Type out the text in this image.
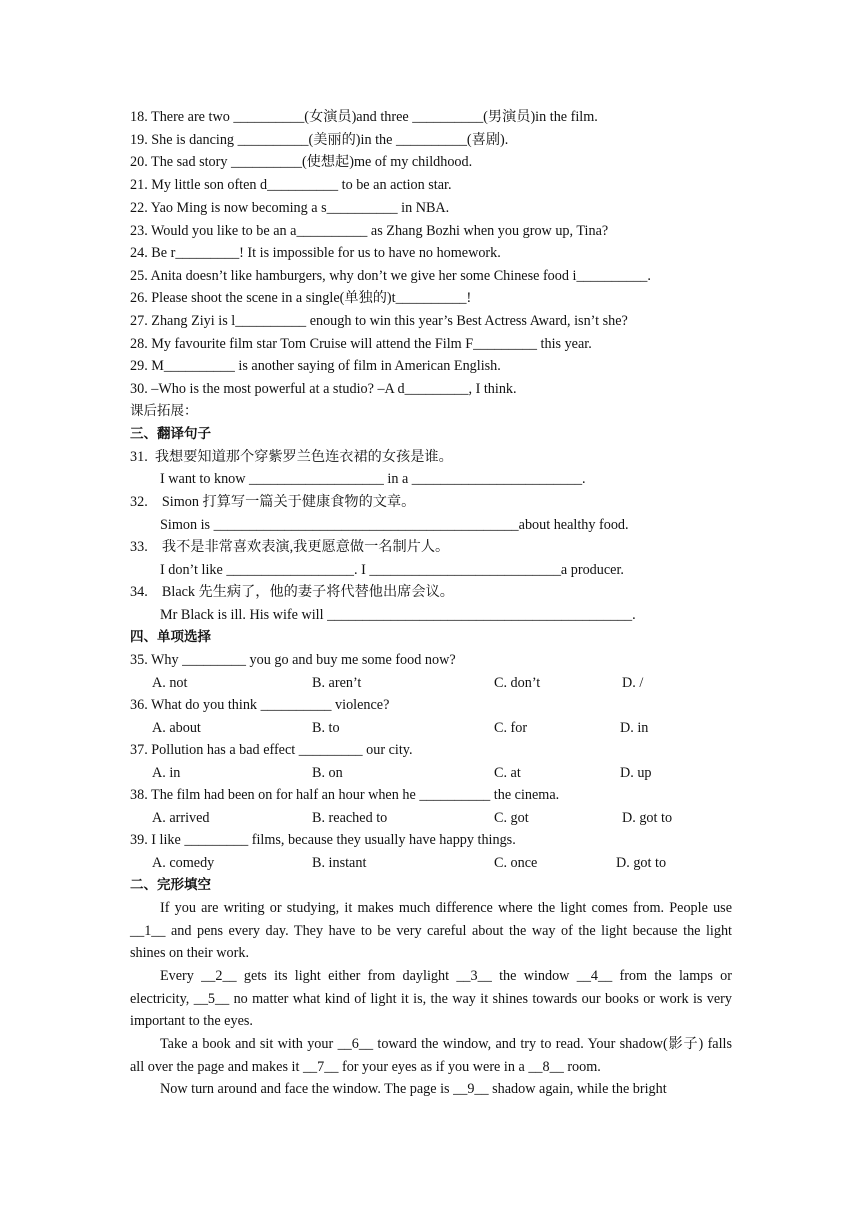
18. There are two __________(女演员)and three __________(男演员)in the film.
19. She is dancing __________(美丽的)in the __________(喜剧).
20. The sad story __________(使想起)me of my childhood.
21. My little son often d__________ to be an action star.
22. Yao Ming is now becoming a s__________ in NBA.
23. Would you like to be an a__________ as Zhang Bozhi when you grow up, Tina?
24. Be r_________! It is impossible for us to have no homework.
25. Anita doesn’t like hamburgers, why don’t we give her some Chinese food i__________.
26. Please shoot the scene in a single(单独的)t__________!
27. Zhang Ziyi is l__________ enough to win this year’s Best Actress Award, isn’t she?
28. My favourite film star Tom Cruise will attend the Film F_________ this year.
29. M__________ is another saying of film in American English.
30. –Who is the most powerful at a studio? –A d_________, I think.
课后拓展：
三、翻译句子
31.  我想要知道那个穿紫罗兰色连衣裙的女孩是谁。
I want to know ___________________ in a ________________________.
32.    Simon 打算写一篇关于健康食物的文章。
Simon is ___________________________________________about healthy food.
33.    我不是非常喜欢表演,我更愿意做一名制片人。
I don’t like __________________. I ___________________________a producer.
34.    Black 先生病了，他的妻子将代替他出席会议。
Mr Black is ill. His wife will ___________________________________________.
四、单项选择
35. Why _________ you go and buy me some food now?
A. not	B. aren’t	C. don’t	D. /
36. What do you think __________ violence?
A. about	B. to	C. for	D. in
37. Pollution has a bad effect _________ our city.
A. in	B. on	C. at	D. up
38. The film had been on for half an hour when he __________ the cinema.
A. arrived	B. reached to	C. got	D. got to
39. I like _________ films, because they usually have happy things.
A. comedy	B. instant	C. once	D. got to
二、完形填空
If you are writing or studying, it makes much difference where the light comes from. People use __1__ and pens every day. They have to be very careful about the way of the light because the light shines on their work.
Every __2__ gets its light either from daylight __3__ the window __4__ from the lamps or electricity, __5__ no matter what kind of light it is, the way it shines towards our books or work is very important to the eyes.
Take a book and sit with your __6__ toward the window, and try to read. Your shadow(影子) falls all over the page and makes it __7__ for your eyes as if you were in a __8__ room.
Now turn around and face the window. The page is __9__ shadow again, while the bright
